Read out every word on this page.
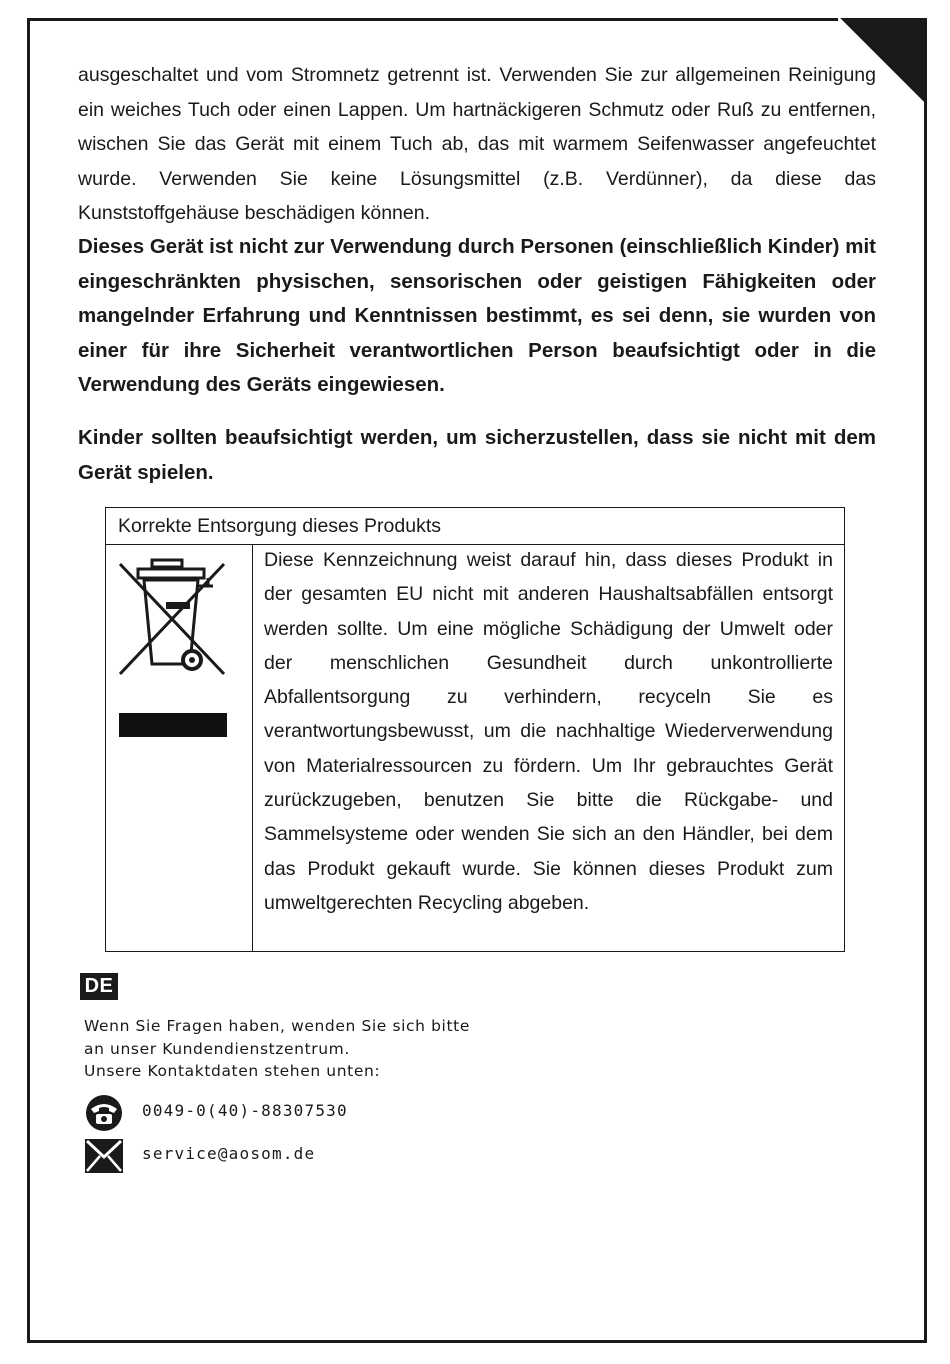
ausgeschaltet und vom Stromnetz getrennt ist. Verwenden Sie zur allgemeinen Reinigung ein weiches Tuch oder einen Lappen. Um hartnäckigeren Schmutz oder Ruß zu entfernen, wischen Sie das Gerät mit einem Tuch ab, das mit warmem Seifenwasser angefeuchtet wurde. Verwenden Sie keine Lösungsmittel (z.B. Verdünner), da diese das Kunststoffgehäuse beschädigen können.

Dieses Gerät ist nicht zur Verwendung durch Personen (einschließlich Kinder) mit eingeschränkten physischen, sensorischen oder geistigen Fähigkeiten oder mangelnder Erfahrung und Kenntnissen bestimmt, es sei denn, sie wurden von einer für ihre Sicherheit verantwortlichen Person beaufsichtigt oder in die Verwendung des Geräts eingewiesen.

Kinder sollten beaufsichtigt werden, um sicherzustellen, dass sie nicht mit dem Gerät spielen.

Korrekte Entsorgung dieses Produkts

Diese Kennzeichnung weist darauf hin, dass dieses Produkt in der gesamten EU nicht mit anderen Haushaltsabfällen entsorgt werden sollte. Um eine mögliche Schädigung der Umwelt oder der menschlichen Gesundheit durch unkontrollierte Abfallentsorgung zu verhindern, recyceln Sie es verantwortungsbewusst, um die nachhaltige Wiederverwendung von Materialressourcen zu fördern. Um Ihr gebrauchtes Gerät zurückzugeben, benutzen Sie bitte die Rückgabe- und Sammelsysteme oder wenden Sie sich an den Händler, bei dem das Produkt gekauft wurde. Sie können dieses Produkt zum umweltgerechten Recycling abgeben.

DE
Wenn Sie Fragen haben, wenden Sie sich bitte
an unser Kundendienstzentrum.
Unsere Kontaktdaten stehen unten:
0049-0(40)-88307530
service@aosom.de
